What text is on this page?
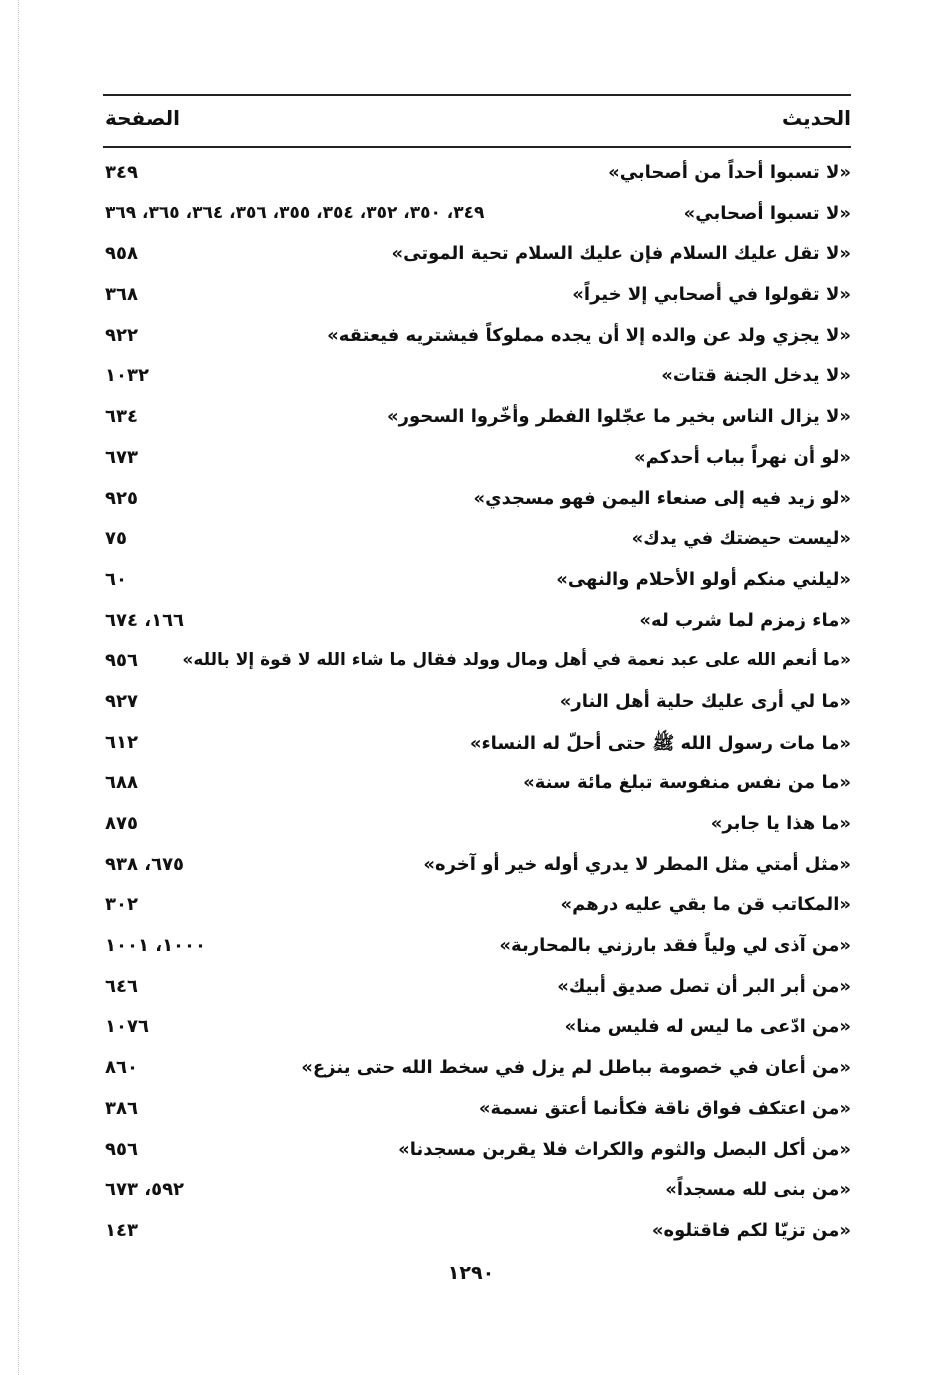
الحديث
الصفحة
«لا تسبوا أحداً من أصحابي»
٣٤٩
«لا تسبوا أصحابي»
٣٤٩، ٣٥٠، ٣٥٢، ٣٥٤، ٣٥٥، ٣٥٦، ٣٦٤، ٣٦٥، ٣٦٩
«لا تقل عليك السلام فإن عليك السلام تحية الموتى»
٩٥٨
«لا تقولوا في أصحابي إلا خيراً»
٣٦٨
«لا يجزي ولد عن والده إلا أن يجده مملوكاً فيشتريه فيعتقه»
٩٢٢
«لا يدخل الجنة قتات»
١٠٣٢
«لا يزال الناس بخير ما عجّلوا الفطر وأخّروا السحور»
٦٣٤
«لو أن نهراً بباب أحدكم»
٦٧٣
«لو زيد فيه إلى صنعاء اليمن فهو مسجدي»
٩٢٥
«ليست حيضتك في يدك»
٧٥
«ليلني منكم أولو الأحلام والنهى»
٦٠
«ماء زمزم لما شرب له»
١٦٦، ٦٧٤
«ما أنعم الله على عبد نعمة في أهل ومال وولد فقال ما شاء الله لا قوة إلا بالله»
٩٥٦
«ما لي أرى عليك حلية أهل النار»
٩٢٧
«ما مات رسول الله ﷺ حتى أحلّ له النساء»
٦١٢
«ما من نفس منفوسة تبلغ مائة سنة»
٦٨٨
«ما هذا يا جابر»
٨٧٥
«مثل أمتي مثل المطر لا يدري أوله خير أو آخره»
٦٧٥، ٩٣٨
«المكاتب قن ما بقي عليه درهم»
٣٠٢
«من آذى لي ولياً فقد بارزني بالمحاربة»
١٠٠٠، ١٠٠١
«من أبر البر أن تصل صديق أبيك»
٦٤٦
«من ادّعى ما ليس له فليس منا»
١٠٧٦
«من أعان في خصومة بباطل لم يزل في سخط الله حتى ينزع»
٨٦٠
«من اعتكف فواق ناقة فكأنما أعتق نسمة»
٣٨٦
«من أكل البصل والثوم والكراث فلا يقربن مسجدنا»
٩٥٦
«من بنى لله مسجداً»
٥٩٢، ٦٧٣
«من تزيّا لكم فاقتلوه»
١٤٣
١٢٩٠
